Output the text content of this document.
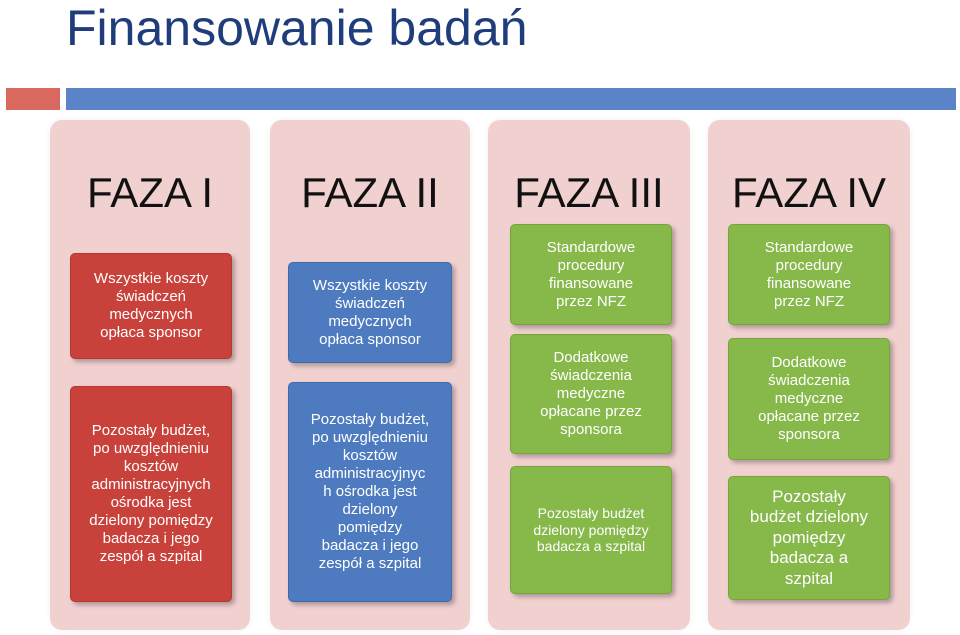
Finansowanie badań
FAZA I
Wszystkie koszty
świadczeń
medycznych
opłaca sponsor
Pozostały budżet,
po uwzględnieniu
kosztów
administracyjnych
ośrodka jest
dzielony pomiędzy
badacza i jego
zespół a szpital
FAZA II
Wszystkie koszty
świadczeń
medycznych
opłaca sponsor
Pozostały budżet,
po uwzględnieniu
kosztów
administracyjnyc
h ośrodka jest
dzielony
pomiędzy
badacza i jego
zespół a szpital
FAZA III
Standardowe
procedury
finansowane
przez NFZ
Dodatkowe
świadczenia
medyczne
opłacane przez
sponsora
Pozostały budżet
dzielony pomiędzy
badacza a szpital
FAZA IV
Standardowe
procedury
finansowane
przez NFZ
Dodatkowe
świadczenia
medyczne
opłacane przez
sponsora
Pozostały
budżet dzielony
pomiędzy
badacza a
szpital
